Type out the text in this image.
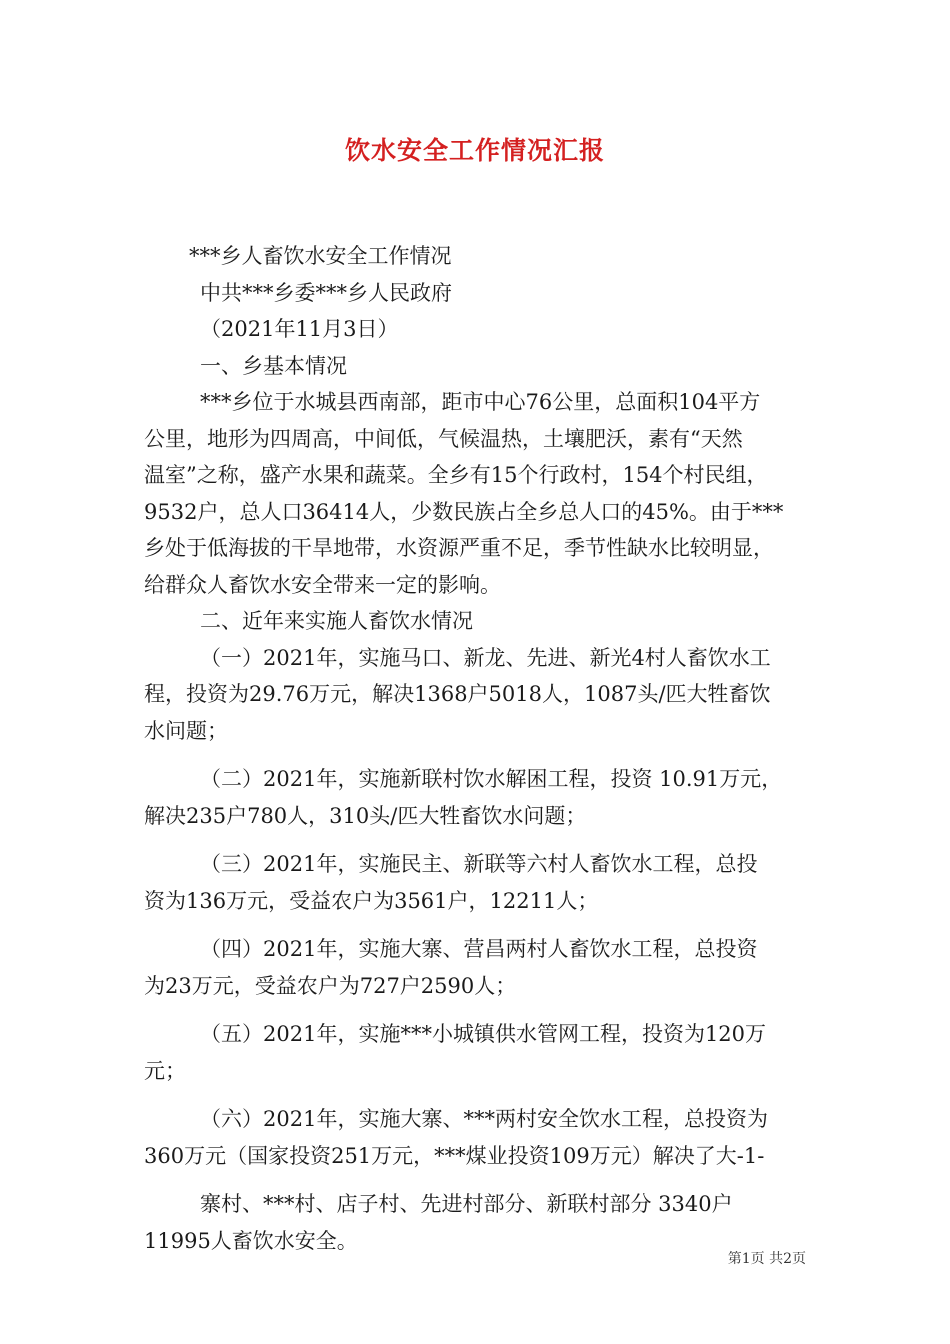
饮水安全工作情况汇报
***乡人畜饮水安全工作情况
中共***乡委***乡人民政府
（2021年11月3日）
一、乡基本情况
***乡位于水城县西南部，距市中心76公里，总面积104平方
公里，地形为四周高，中间低，气候温热，土壤肥沃，素有“天然
温室”之称，盛产水果和蔬菜。全乡有15个行政村，154个村民组，
9532户，总人口36414人，少数民族占全乡总人口的45%。由于***
乡处于低海拔的干旱地带，水资源严重不足，季节性缺水比较明显，
给群众人畜饮水安全带来一定的影响。
二、近年来实施人畜饮水情况
（一）2021年，实施马口、新龙、先进、新光4村人畜饮水工
程，投资为29.76万元，解决1368户5018人，1087头/匹大牲畜饮
水问题；
（二）2021年，实施新联村饮水解困工程，投资 10.91万元，
解决235户780人，310头/匹大牲畜饮水问题；
（三）2021年，实施民主、新联等六村人畜饮水工程，总投
资为136万元，受益农户为3561户，12211人；
（四）2021年，实施大寨、营昌两村人畜饮水工程，总投资
为23万元，受益农户为727户2590人；
（五）2021年，实施***小城镇供水管网工程，投资为120万
元；
（六）2021年，实施大寨、***两村安全饮水工程，总投资为
360万元（国家投资251万元，***煤业投资109万元）解决了大-1-
寨村、***村、店子村、先进村部分、新联村部分 3340户
11995人畜饮水安全。
第1页 共2页
